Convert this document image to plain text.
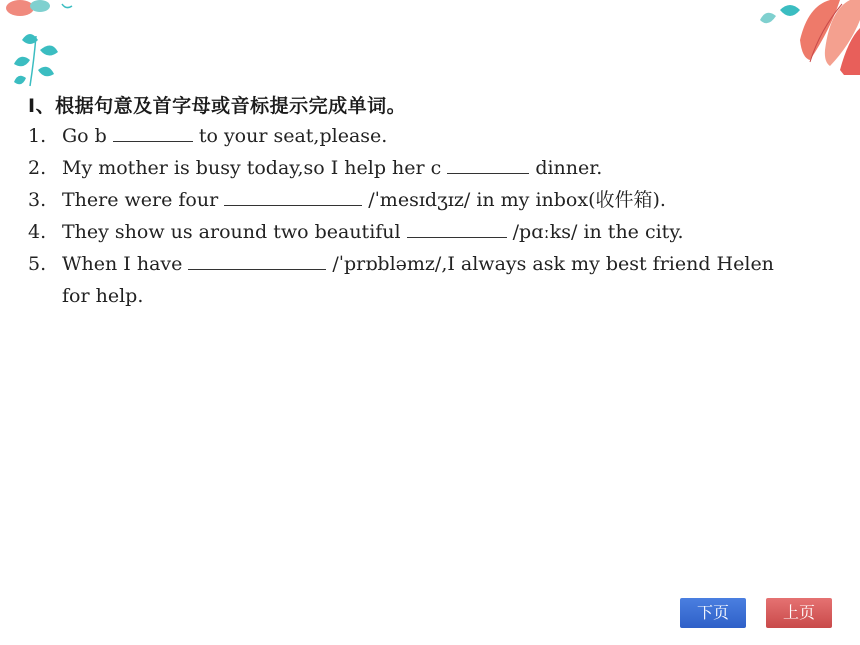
Ⅰ、根据句意及首字母或音标提示完成单词。
1. Go b	to your seat,please.
2. My mother is busy today,so I help her c	dinner.
3. There were four	/ˈmesɪdʒɪz/ in my inbox(收件箱).
4. They show us around two beautiful	/pɑːks/ in the city.
5. When I have	/ˈprɒbləmz/,I always ask my best friend Helen
for help.
下页	上页
